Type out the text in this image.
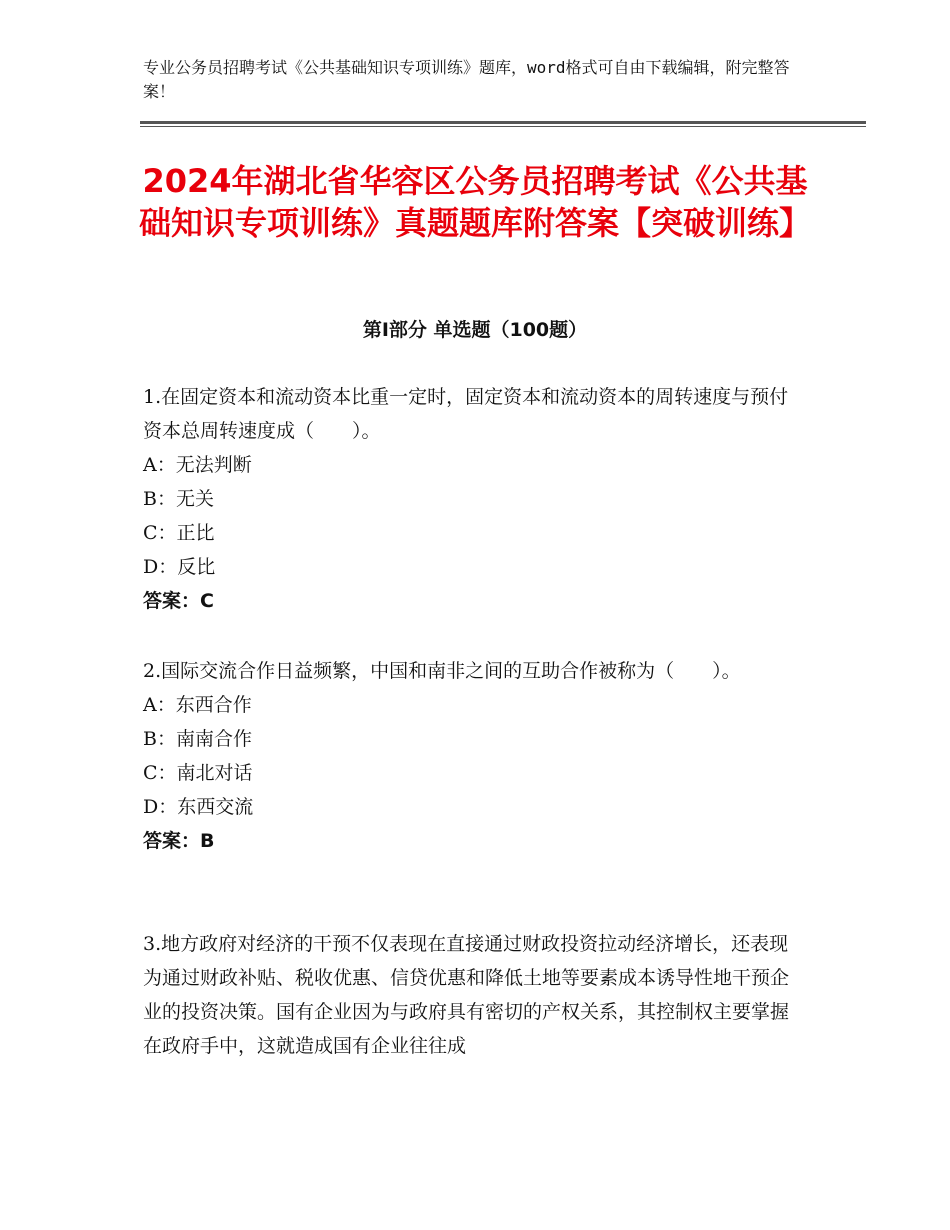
专业公务员招聘考试《公共基础知识专项训练》题库，word格式可自由下载编辑，附完整答案！
2024年湖北省华容区公务员招聘考试《公共基础知识专项训练》真题题库附答案【突破训练】
第Ⅰ部分 单选题（100题）

1.在固定资本和流动资本比重一定时，固定资本和流动资本的周转速度与预付资本总周转速度成（　　）。

A：无法判断

B：无关

C：正比

D：反比

答案：C

2.国际交流合作日益频繁，中国和南非之间的互助合作被称为（　　）。

A：东西合作

B：南南合作

C：南北对话

D：东西交流

答案：B

3.地方政府对经济的干预不仅表现在直接通过财政投资拉动经济增长，还表现为通过财政补贴、税收优惠、信贷优惠和降低土地等要素成本诱导性地干预企业的投资决策。国有企业因为与政府具有密切的产权关系，其控制权主要掌握在政府手中，这就造成国有企业往往成
